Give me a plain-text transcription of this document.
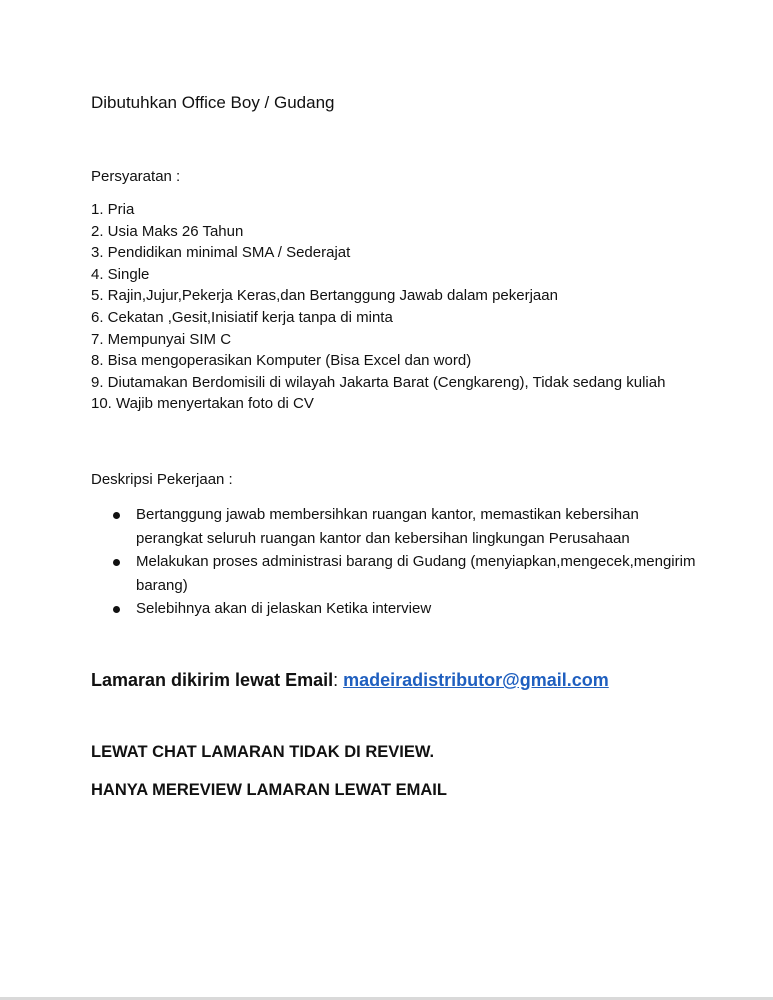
Dibutuhkan Office Boy / Gudang
Persyaratan :
1. Pria
2. Usia Maks 26 Tahun
3. Pendidikan minimal SMA / Sederajat
4. Single
5. Rajin,Jujur,Pekerja Keras,dan Bertanggung Jawab dalam pekerjaan
6. Cekatan ,Gesit,Inisiatif kerja tanpa di minta
7. Mempunyai SIM C
8. Bisa mengoperasikan Komputer (Bisa Excel dan word)
9. Diutamakan Berdomisili di wilayah Jakarta Barat (Cengkareng), Tidak sedang kuliah
10. Wajib menyertakan foto di CV
Deskripsi Pekerjaan :
Bertanggung jawab membersihkan ruangan kantor, memastikan kebersihan perangkat seluruh ruangan kantor dan kebersihan lingkungan Perusahaan
Melakukan proses administrasi barang di Gudang (menyiapkan,mengecek,mengirim barang)
Selebihnya akan di jelaskan Ketika interview
Lamaran dikirim lewat Email: madeiradistributor@gmail.com
LEWAT CHAT LAMARAN TIDAK DI REVIEW.
HANYA MEREVIEW LAMARAN LEWAT EMAIL
